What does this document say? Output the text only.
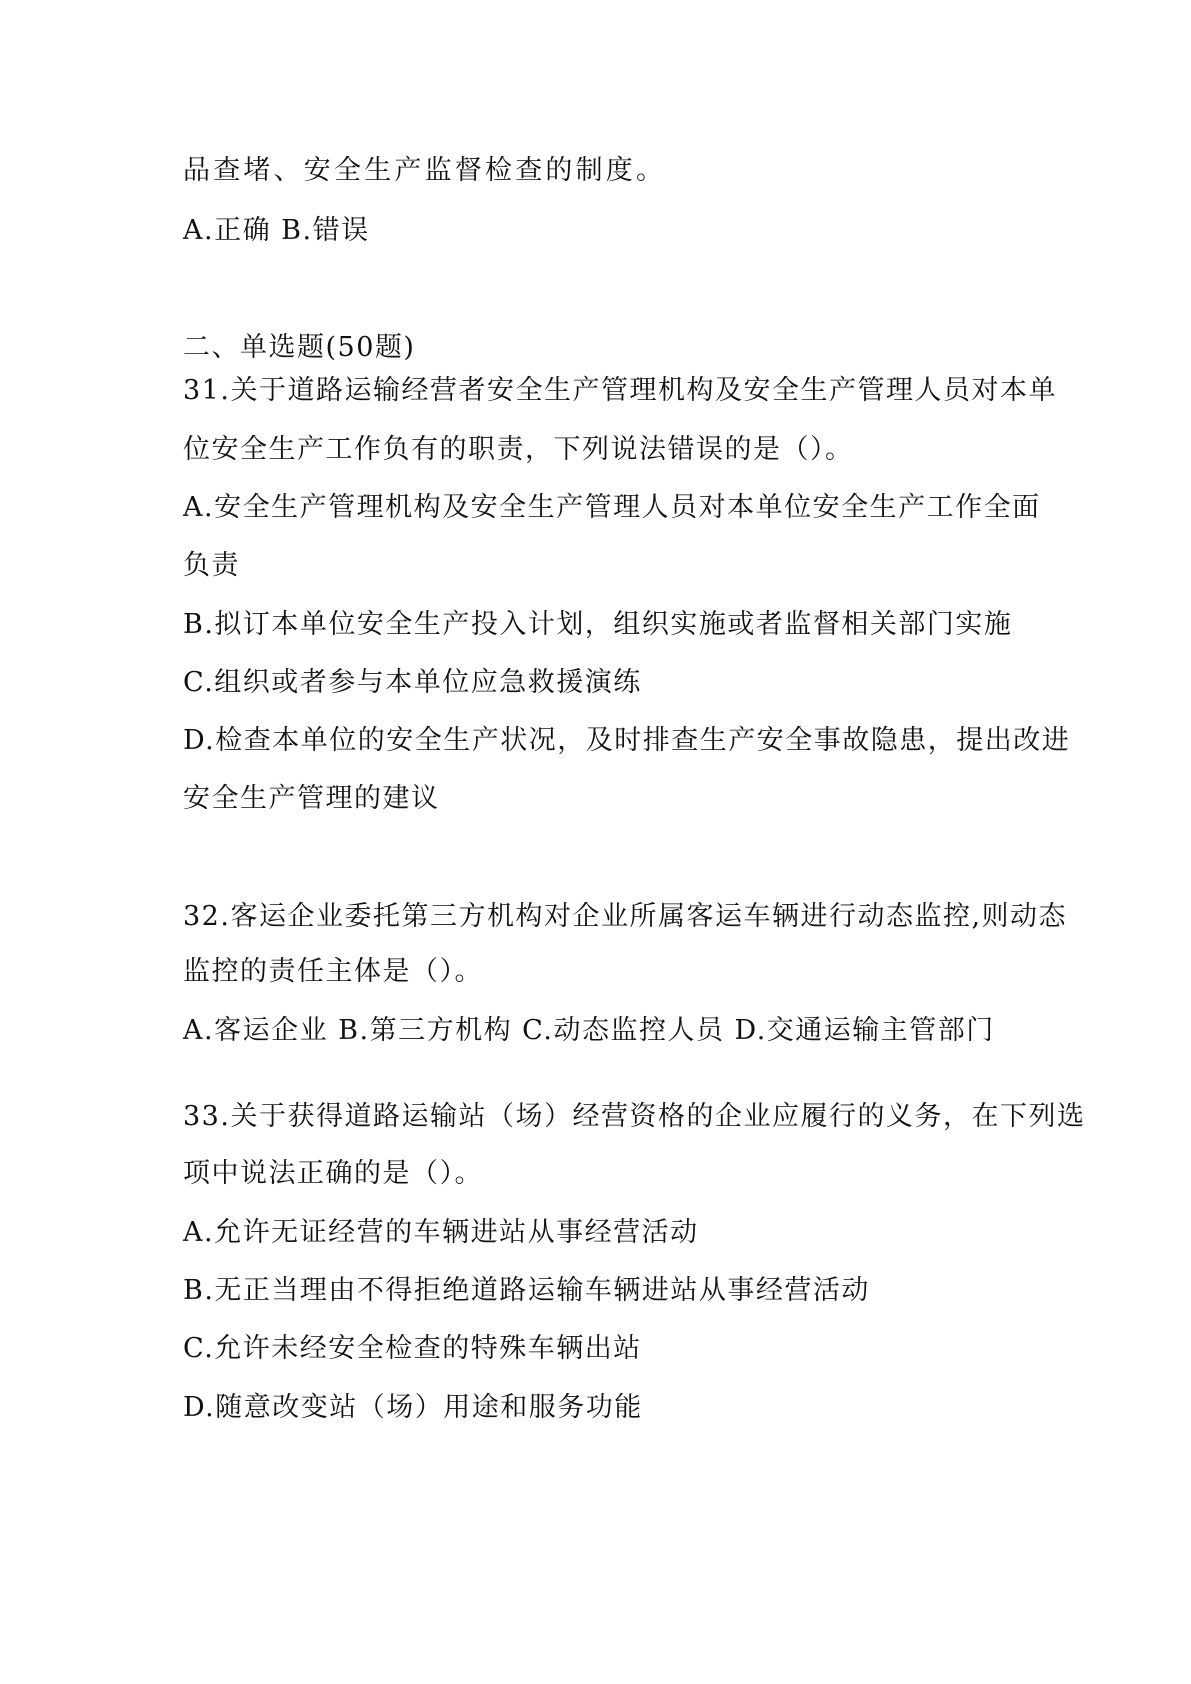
品查堵、安全生产监督检查的制度。
A.正确 B.错误
二、单选题(50题)
31.关于道路运输经营者安全生产管理机构及安全生产管理人员对本单
位安全生产工作负有的职责，下列说法错误的是（）。
A.安全生产管理机构及安全生产管理人员对本单位安全生产工作全面
负责
B.拟订本单位安全生产投入计划，组织实施或者监督相关部门实施
C.组织或者参与本单位应急救援演练
D.检查本单位的安全生产状况，及时排查生产安全事故隐患，提出改进
安全生产管理的建议
32.客运企业委托第三方机构对企业所属客运车辆进行动态监控,则动态
监控的责任主体是（）。
A.客运企业 B.第三方机构 C.动态监控人员 D.交通运输主管部门
33.关于获得道路运输站（场）经营资格的企业应履行的义务，在下列选
项中说法正确的是（）。
A.允许无证经营的车辆进站从事经营活动
B.无正当理由不得拒绝道路运输车辆进站从事经营活动
C.允许未经安全检查的特殊车辆出站
D.随意改变站（场）用途和服务功能
